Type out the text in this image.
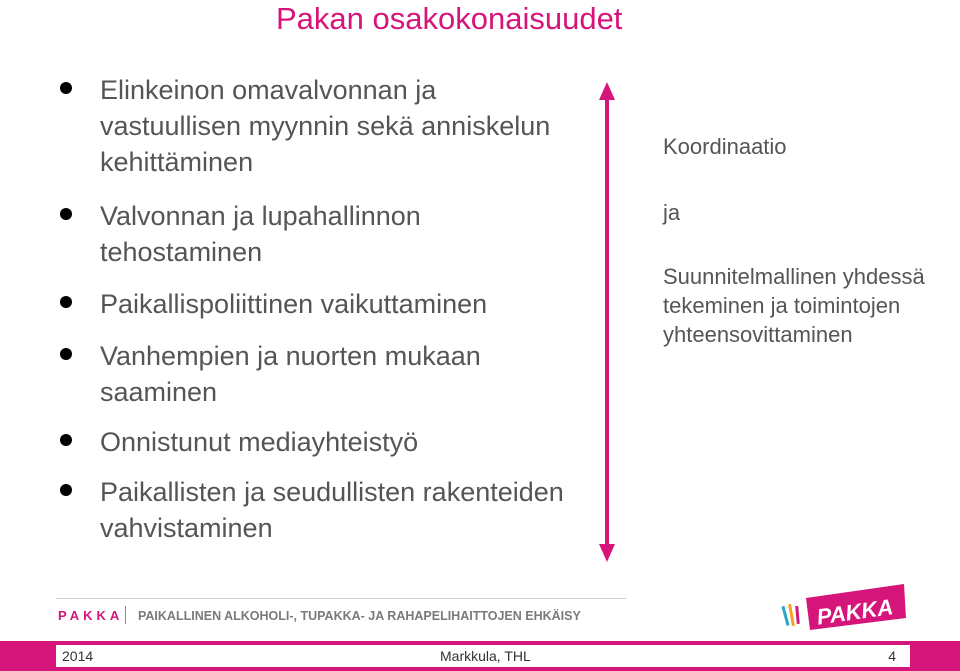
Pakan osakokonaisuudet
Elinkeinon omavalvonnan ja vastuullisen myynnin sekä anniskelun kehittäminen
Valvonnan ja lupahallinnon tehostaminen
Paikallispoliittinen vaikuttaminen
Vanhempien ja nuorten mukaan saaminen
Onnistunut mediayhteistyö
Paikallisten ja seudullisten rakenteiden vahvistaminen
Koordinaatio
ja
Suunnitelmallinen yhdessä tekeminen ja toimintojen yhteensovittaminen
PAKKA PAIKALLINEN ALKOHOLI-, TUPAKKA- JA RAHAPELIHAITTOJEN EHKÄISY	PAKKA
2014	Markkula, THL	4
